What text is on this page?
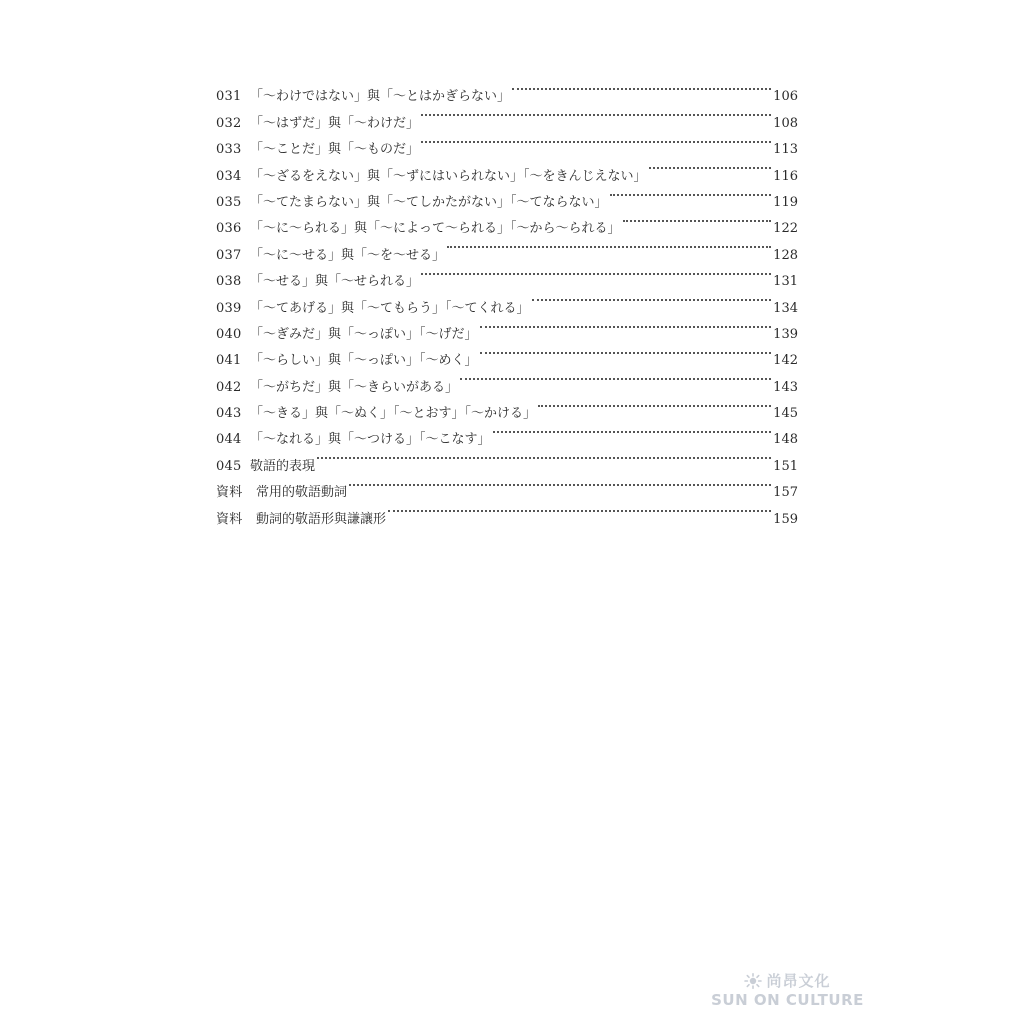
031 「～わけではない」與「～とはかぎらない」	106
032 「～はずだ」與「～わけだ」	108
033 「～ことだ」與「～ものだ」	113
034 「～ざるをえない」與「～ずにはいられない」「～をきんじえない」	116
035 「～てたまらない」與「～てしかたがない」「～てならない」	119
036 「～に～られる」與「～によって～られる」「～から～られる」	122
037 「～に～せる」與「～を～せる」	128
038 「～せる」與「～せられる」	131
039 「～てあげる」與「～てもらう」「～てくれる」	134
040 「～ぎみだ」與「～っぽい」「～げだ」	139
041 「～らしい」與「～っぽい」「～めく」	142
042 「～がちだ」與「～きらいがある」	143
043 「～きる」與「～ぬく」「～とおす」「～かける」	145
044 「～なれる」與「～つける」「～こなす」	148
045 敬語的表現	151
資料	常用的敬語動詞	157
資料	動詞的敬語形與謙讓形	159
尚昂文化
SUN ON CULTURE
